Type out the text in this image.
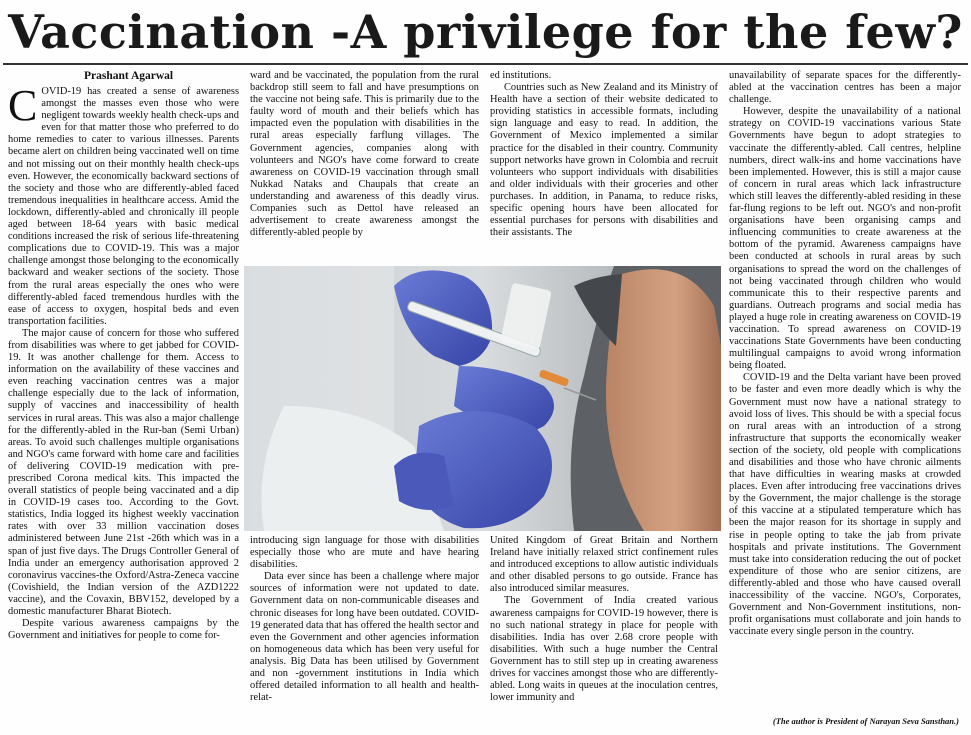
Vaccination -A privilege for the few?
Prashant Agarwal

COVID-19 has created a sense of awareness amongst the masses even those who were negligent towards weekly health check-ups and even for that matter those who preferred to do home remedies to cater to various illnesses. Parents became alert on children being vaccinated well on time and not missing out on their monthly health check-ups even. However, the economically backward sections of the society and those who are differently-abled faced tremendous inequalities in healthcare access. Amid the lockdown, differently-abled and chronically ill people aged between 18-64 years with basic medical conditions increased the risk of serious life-threatening complications due to COVID-19. This was a major challenge amongst those belonging to the economically backward and weaker sections of the society. Those from the rural areas especially the ones who were differently-abled faced tremendous hurdles with the ease of access to oxygen, hospital beds and even transportation facilities.

The major cause of concern for those who suffered from disabilities was where to get jabbed for COVID-19. It was another challenge for them. Access to information on the availability of these vaccines and even reaching vaccination centres was a major challenge especially due to the lack of information, supply of vaccines and inaccessibility of health services in rural areas. This was also a major challenge for the differently-abled in the Rur-ban (Semi Urban) areas. To avoid such challenges multiple organisations and NGO's came forward with home care and facilities of delivering COVID-19 medication with pre-prescribed Corona medical kits. This impacted the overall statistics of people being vaccinated and a dip in COVID-19 cases too. According to the Govt. statistics, India logged its highest weekly vaccination rates with over 33 million vaccination doses administered between June 21st -26th which was in a span of just five days. The Drugs Controller General of India under an emergency authorisation approved 2 coronavirus vaccines-the Oxford/Astra-Zeneca vaccine (Covishield, the Indian version of the AZD1222 vaccine), and the Covaxin, BBV152, developed by a domestic manufacturer Bharat Biotech.

Despite various awareness campaigns by the Government and initiatives for people to come for-

ward and be vaccinated, the population from the rural backdrop still seem to fall and have presumptions on the vaccine not being safe. This is primarily due to the faulty word of mouth and their beliefs which has impacted even the population with disabilities in the rural areas especially farflung villages. The Government agencies, companies along with volunteers and NGO's have come forward to create awareness on COVID-19 vaccination through small Nukkad Nataks and Chaupals that create an understanding and awareness of this deadly virus. Companies such as Dettol have released an advertisement to create awareness amongst the differently-abled people by

ed institutions.

Countries such as New Zealand and its Ministry of Health have a section of their website dedicated to providing statistics in accessible formats, including sign language and easy to read. In addition, the Government of Mexico implemented a similar practice for the disabled in their country. Community support networks have grown in Colombia and recruit volunteers who support individuals with disabilities and older individuals with their groceries and other purchases. In addition, in Panama, to reduce risks, specific opening hours have been allocated for essential purchases for persons with disabilities and their assistants. The

introducing sign language for those with disabilities especially those who are mute and have hearing disabilities.

Data ever since has been a challenge where major sources of information were not updated to date. Government data on non-communicable diseases and chronic diseases for long have been outdated. COVID-19 generated data that has offered the health sector and even the Government and other agencies information on homogeneous data which has been very useful for analysis. Big Data has been utilised by Government and non -government institutions in India which offered detailed information to all health and health-relat-

United Kingdom of Great Britain and Northern Ireland have initially relaxed strict confinement rules and introduced exceptions to allow autistic individuals and other disabled persons to go outside. France has also introduced similar measures.

The Government of India created various awareness campaigns for COVID-19 however, there is no such national strategy in place for people with disabilities. India has over 2.68 crore people with disabilities. With such a huge number the Central Government has to still step up in creating awareness drives for vaccines amongst those who are differently-abled. Long waits in queues at the inoculation centres, lower immunity and

unavailability of separate spaces for the differently-abled at the vaccination centres has been a major challenge.

However, despite the unavailability of a national strategy on COVID-19 vaccinations various State Governments have begun to adopt strategies to vaccinate the differently-abled. Call centres, helpline numbers, direct walk-ins and home vaccinations have been implemented. However, this is still a major cause of concern in rural areas which lack infrastructure which still leaves the differently-abled residing in these far-flung regions to be left out. NGO's and non-profit organisations have been organising camps and influencing communities to create awareness at the bottom of the pyramid. Awareness campaigns have been conducted at schools in rural areas by such organisations to spread the word on the challenges of not being vaccinated through children who would communicate this to their respective parents and guardians. Outreach programs and social media has played a huge role in creating awareness on COVID-19 vaccination. To spread awareness on COVID-19 vaccinations State Governments have been conducting multilingual campaigns to avoid wrong information being floated.

COVID-19 and the Delta variant have been proved to be faster and even more deadly which is why the Government must now have a national strategy to avoid loss of lives. This should be with a special focus on rural areas with an introduction of a strong infrastructure that supports the economically weaker section of the society, old people with complications and disabilities and those who have chronic ailments that have difficulties in wearing masks at crowded places. Even after introducing free vaccinations drives by the Government, the major challenge is the storage of this vaccine at a stipulated temperature which has been the major reason for its shortage in supply and rise in people opting to take the jab from private hospitals and private institutions. The Government must take into consideration reducing the out of pocket expenditure of those who are senior citizens, are differently-abled and those who have caused overall inaccessibility of the vaccine. NGO's, Corporates, Government and Non-Government institutions, non-profit organisations must collaborate and join hands to vaccinate every single person in the country.

(The author is President of Narayan Seva Sansthan.)
